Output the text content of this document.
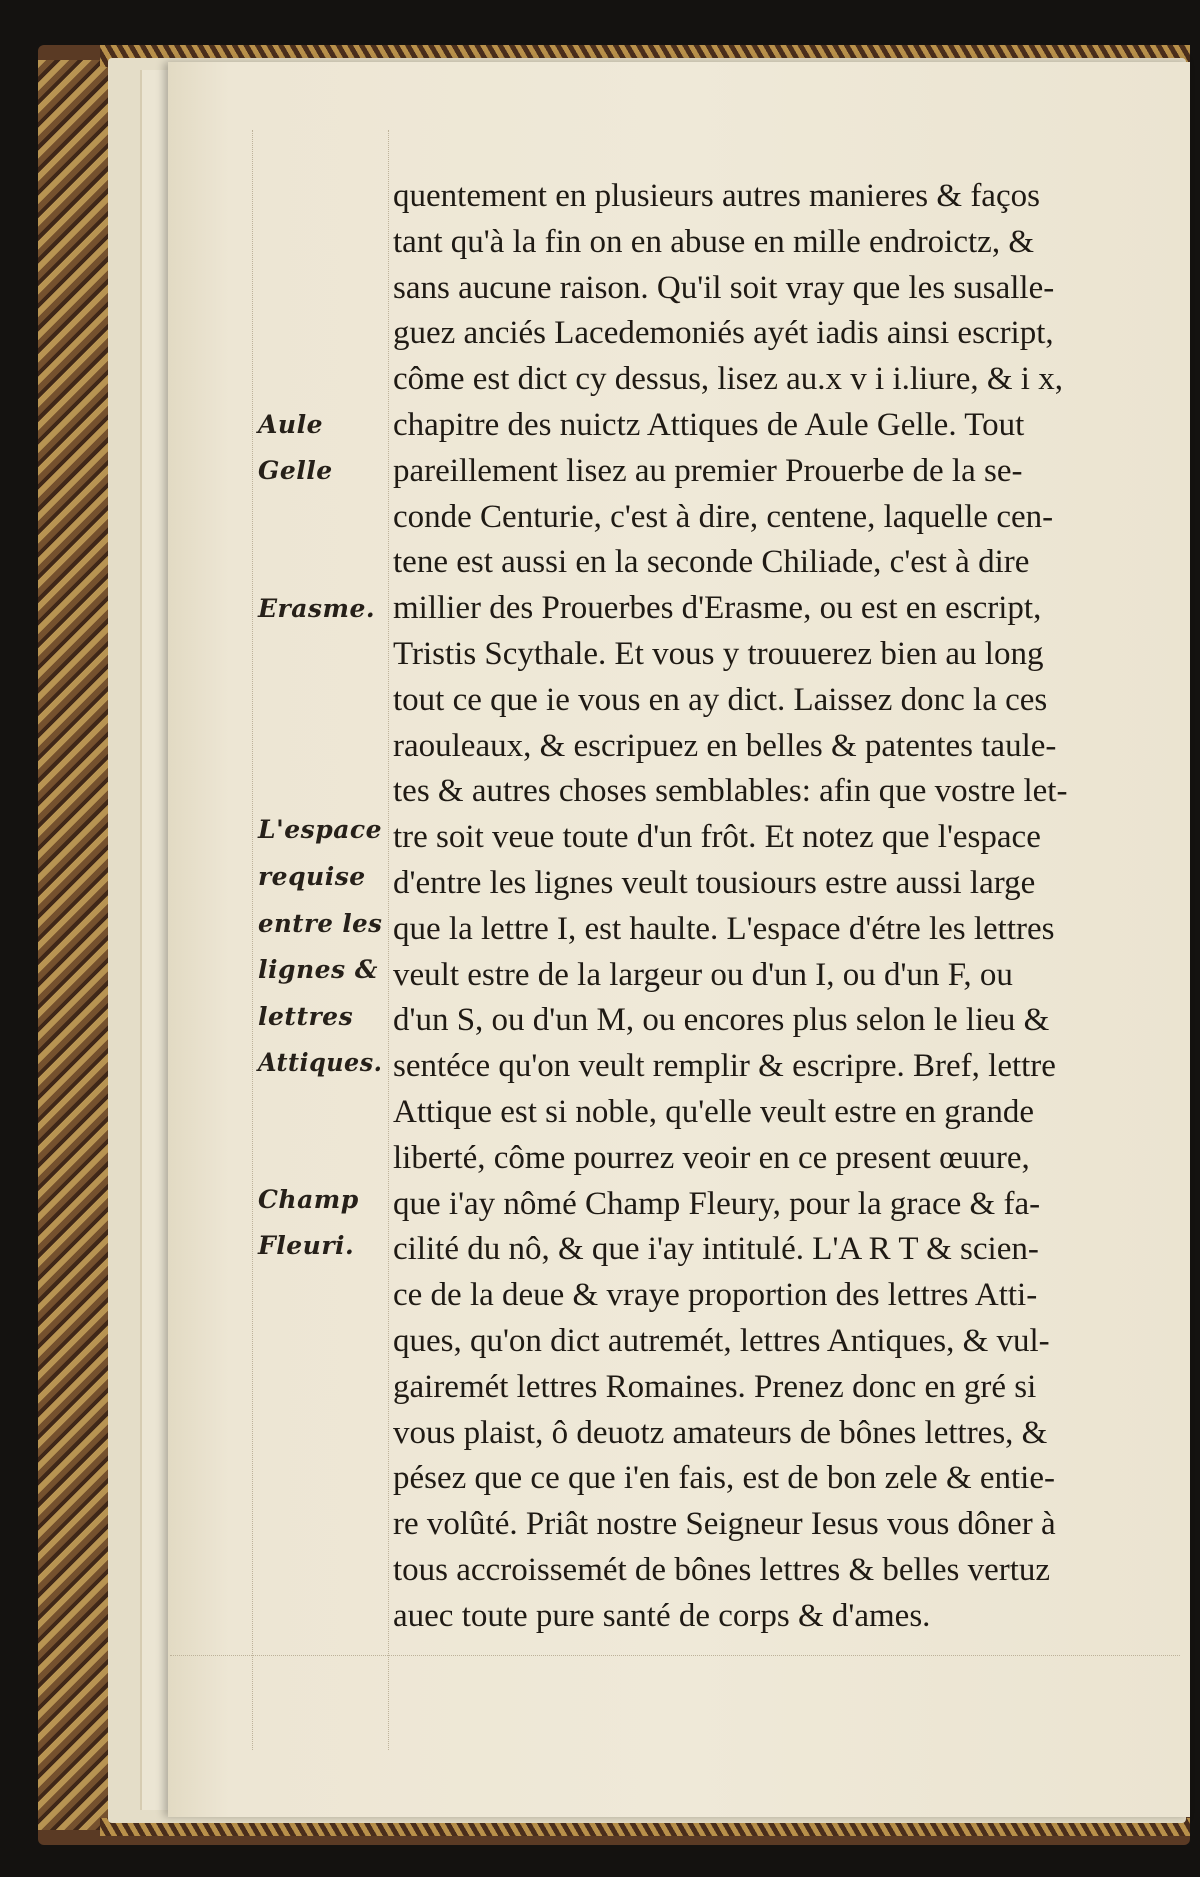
Aule
Gelle
Erasme.
L'espace
requise
entre les
lignes &
lettres
Attiques.
Champ
Fleuri.
quentement en plusieurs autres manieres & faços
tant qu'à la fin on en abuse en mille endroictz, &
sans aucune raison. Qu'il soit vray que les susalle-
guez anciés Lacedemoniés ayét iadis ainsi escript,
côme est dict cy dessus, lisez au.x v i i.liure, & i x,
chapitre des nuictz Attiques de Aule Gelle. Tout
pareillement lisez au premier Prouerbe de la se-
conde Centurie, c'est à dire, centene, laquelle cen-
tene est aussi en la seconde Chiliade, c'est à dire
millier des Prouerbes d'Erasme, ou est en escript,
Tristis Scythale. Et vous y trouuerez bien au long
tout ce que ie vous en ay dict. Laissez donc la ces
raouleaux, & escripuez en belles & patentes taule-
tes & autres choses semblables: afin que vostre let-
tre soit veue toute d'un frôt. Et notez que l'espace
d'entre les lignes veult tousiours estre aussi large
que la lettre I, est haulte. L'espace d'étre les lettres
veult estre de la largeur ou d'un I, ou d'un F, ou
d'un S, ou d'un M, ou encores plus selon le lieu &
sentéce qu'on veult remplir & escripre. Bref, lettre
Attique est si noble, qu'elle veult estre en grande
liberté, côme pourrez veoir en ce present œuure,
que i'ay nômé Champ Fleury, pour la grace & fa-
cilité du nô, & que i'ay intitulé. L'A R T & scien-
ce de la deue & vraye proportion des lettres Atti-
ques, qu'on dict autremét, lettres Antiques, & vul-
gairemét lettres Romaines. Prenez donc en gré si
vous plaist, ô deuotz amateurs de bônes lettres, &
pésez que ce que i'en fais, est de bon zele & entie-
re volûté. Priât nostre Seigneur Iesus vous dôner à
tous accroissemét de bônes lettres & belles vertuz
auec toute pure santé de corps & d'ames.
